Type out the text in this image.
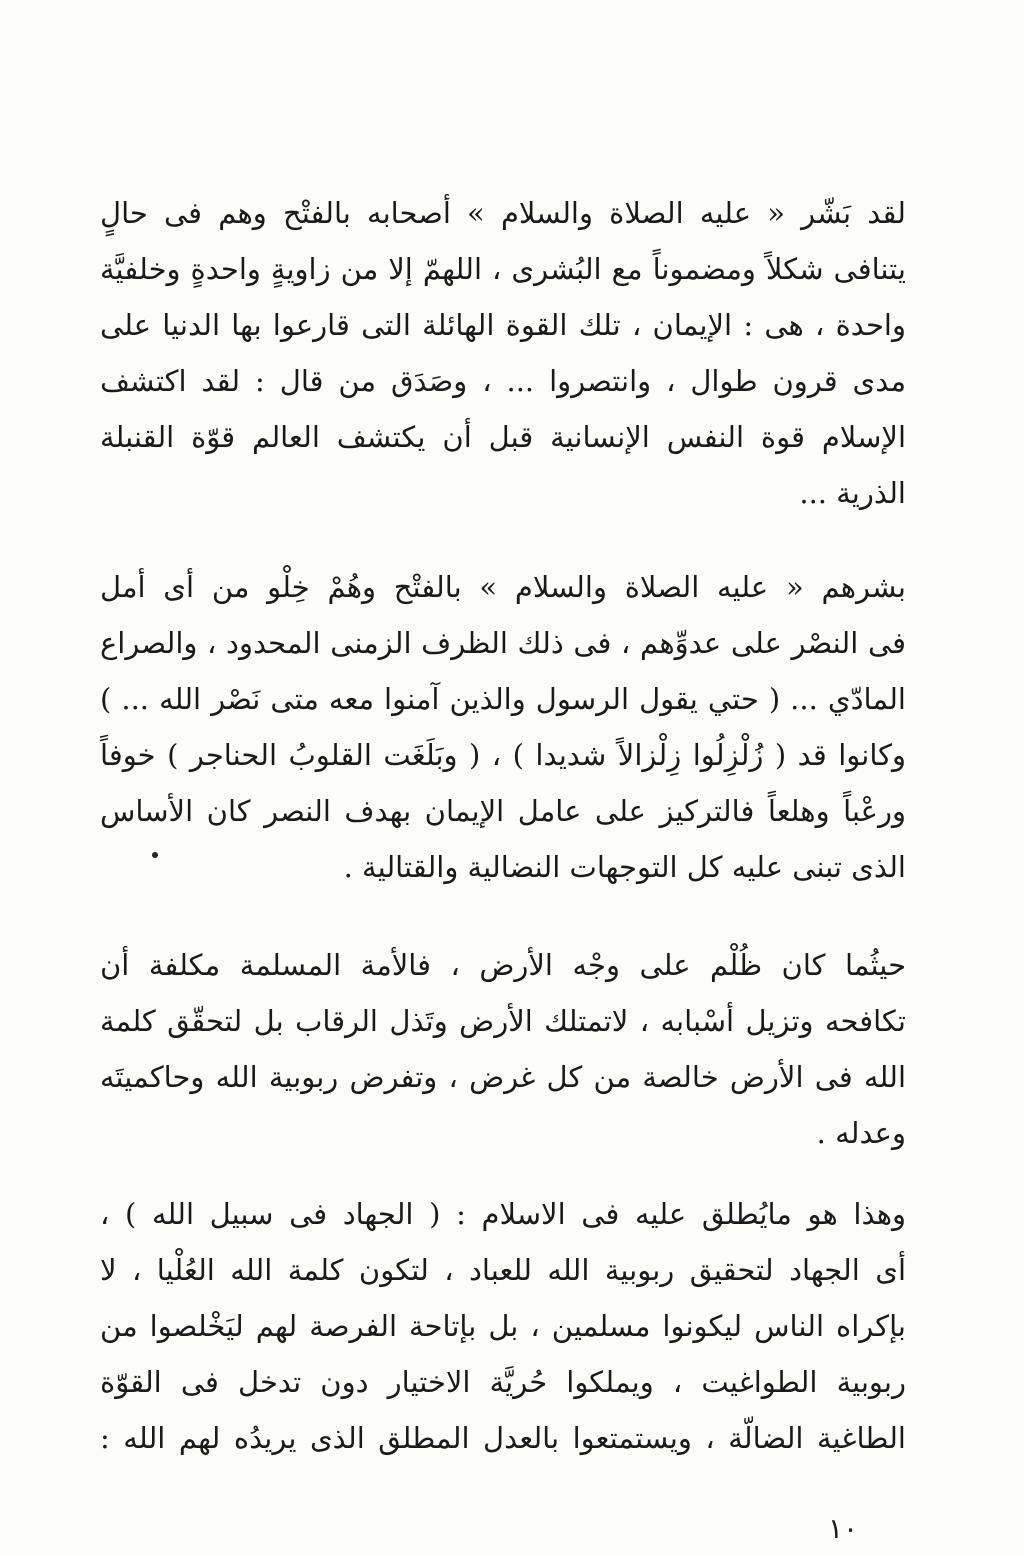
لقد بَشّر « عليه الصلاة والسلام » أصحابه بالفتْح وهم فى حالٍ
يتنافى شكلاً ومضموناً مع البُشرى ، اللهمّ إلا من زاويةٍ واحدةٍ وخلفيَّة
واحدة ، هى : الإيمان ، تلك القوة الهائلة التى قارعوا بها الدنيا على
مدى قرون طوال ، وانتصروا ... ، وصَدَق من قال : لقد اكتشف
الإسلام قوة النفس الإنسانية قبل أن يكتشف العالم قوّة القنبلة
الذرية ...
بشرهم « عليه الصلاة والسلام » بالفتْح وهُمْ خِلْو من أى أمل
فى النصْر على عدوِّهم ، فى ذلك الظرف الزمنى المحدود ، والصراع
المادّي ... ( حتي يقول الرسول والذين آمنوا معه متى نَصْر الله ... )
وكانوا قد ( زُلْزِلُوا زِلْزالاً شديدا ) ، ( وبَلَغَت القلوبُ الحناجر ) خوفاً
ورعْباً وهلعاً فالتركيز على عامل الإيمان بهدف النصر كان الأساس
الذى تبنى عليه كل التوجهات النضالية والقتالية .
حيثُما كان ظُلْم على وجْه الأرض ، فالأمة المسلمة مكلفة أن
تكافحه وتزيل أسْبابه ، لاتمتلك الأرض وتَذل الرقاب بل لتحقّق كلمة
الله فى الأرض خالصة من كل غرض ، وتفرض ربوبية الله وحاكميتَه
وعدله .
وهذا هو مايُطلق عليه فى الاسلام : ( الجهاد فى سبيل الله ) ،
أى الجهاد لتحقيق ربوبية الله للعباد ، لتكون كلمة الله العُلْيا ، لا
بإكراه الناس ليكونوا مسلمين ، بل بإتاحة الفرصة لهم ليَخْلصوا من
ربوبية الطواغيت ، ويملكوا حُريَّة الاختيار دون تدخل فى القوّة
الطاغية الضالّة ، ويستمتعوا بالعدل المطلق الذى يريدُه لهم الله :
١٠
